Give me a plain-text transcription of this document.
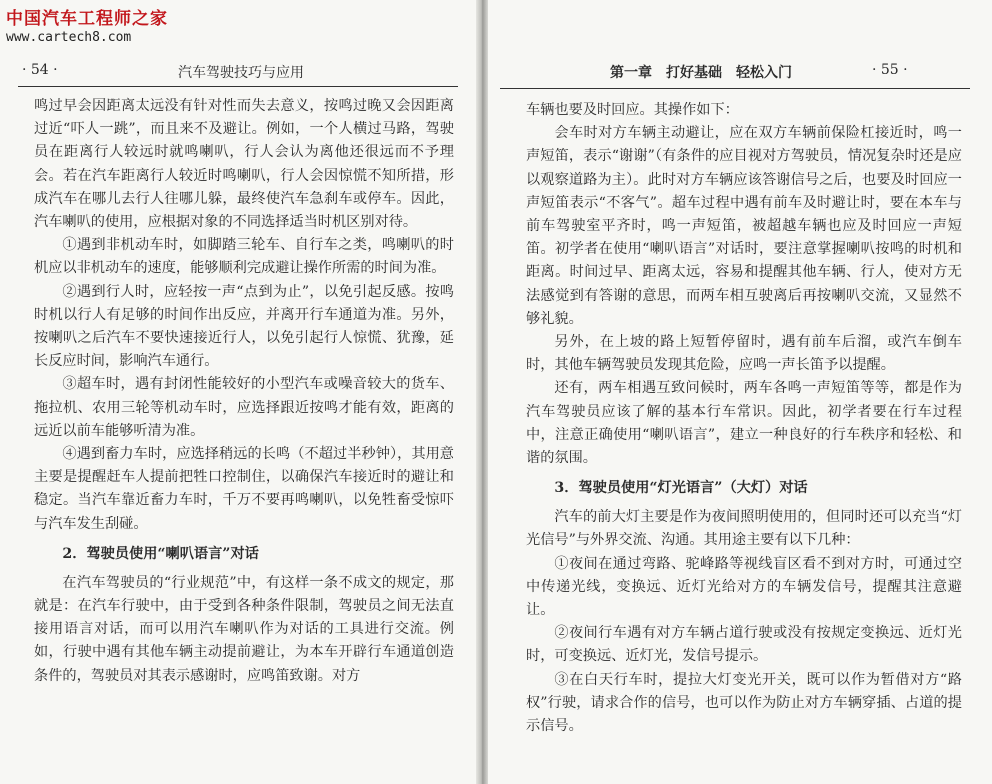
中国汽车工程师之家
www.cartech8.com
· 54 ·	汽车驾驶技巧与应用	第一章　打好基础　轻松入门	· 55 ·

鸣过早会因距离太远没有针对性而失去意义，按鸣过晚又会因距离过近“吓人一跳”，而且来不及避让。例如，一个人横过马路，驾驶员在距离行人较远时就鸣喇叭，行人会认为离他还很远而不予理会。若在汽车距离行人较近时鸣喇叭，行人会因惊慌不知所措，形成汽车在哪儿去行人往哪儿躲，最终使汽车急刹车或停车。因此，汽车喇叭的使用，应根据对象的不同选择适当时机区别对待。

①遇到非机动车时，如脚踏三轮车、自行车之类，鸣喇叭的时机应以非机动车的速度，能够顺利完成避让操作所需的时间为准。

②遇到行人时，应轻按一声“点到为止”，以免引起反感。按鸣时机以行人有足够的时间作出反应，并离开行车通道为准。另外，按喇叭之后汽车不要快速接近行人，以免引起行人惊慌、犹豫，延长反应时间，影响汽车通行。

③超车时，遇有封闭性能较好的小型汽车或噪音较大的货车、拖拉机、农用三轮等机动车时，应选择跟近按鸣才能有效，距离的远近以前车能够听清为准。

④遇到畜力车时，应选择稍远的长鸣（不超过半秒钟），其用意主要是提醒赶车人提前把牲口控制住，以确保汽车接近时的避让和稳定。当汽车靠近畜力车时，千万不要再鸣喇叭，以免牲畜受惊吓与汽车发生刮碰。

2．驾驶员使用“喇叭语言”对话

在汽车驾驶员的“行业规范”中，有这样一条不成文的规定，那就是：在汽车行驶中，由于受到各种条件限制，驾驶员之间无法直接用语言对话，而可以用汽车喇叭作为对话的工具进行交流。例如，行驶中遇有其他车辆主动提前避让，为本车开辟行车通道创造条件的，驾驶员对其表示感谢时，应鸣笛致谢。对方

车辆也要及时回应。其操作如下：

会车时对方车辆主动避让，应在双方车辆前保险杠接近时，鸣一声短笛，表示“谢谢”（有条件的应目视对方驾驶员，情况复杂时还是应以观察道路为主）。此时对方车辆应该答谢信号之后，也要及时回应一声短笛表示“不客气”。超车过程中遇有前车及时避让时，要在本车与前车驾驶室平齐时，鸣一声短笛，被超越车辆也应及时回应一声短笛。初学者在使用“喇叭语言”对话时，要注意掌握喇叭按鸣的时机和距离。时间过早、距离太远，容易和提醒其他车辆、行人，使对方无法感觉到有答谢的意思，而两车相互驶离后再按喇叭交流，又显然不够礼貌。

另外，在上坡的路上短暂停留时，遇有前车后溜，或汽车倒车时，其他车辆驾驶员发现其危险，应鸣一声长笛予以提醒。

还有，两车相遇互致问候时，两车各鸣一声短笛等等，都是作为汽车驾驶员应该了解的基本行车常识。因此，初学者要在行车过程中，注意正确使用“喇叭语言”，建立一种良好的行车秩序和轻松、和谐的氛围。

3．驾驶员使用“灯光语言”（大灯）对话

汽车的前大灯主要是作为夜间照明使用的，但同时还可以充当“灯光信号”与外界交流、沟通。其用途主要有以下几种：

①夜间在通过弯路、驼峰路等视线盲区看不到对方时，可通过空中传递光线，变换远、近灯光给对方的车辆发信号，提醒其注意避让。

②夜间行车遇有对方车辆占道行驶或没有按规定变换远、近灯光时，可变换远、近灯光，发信号提示。

③在白天行车时，提拉大灯变光开关，既可以作为暂借对方“路权”行驶，请求合作的信号，也可以作为防止对方车辆穿插、占道的提示信号。
